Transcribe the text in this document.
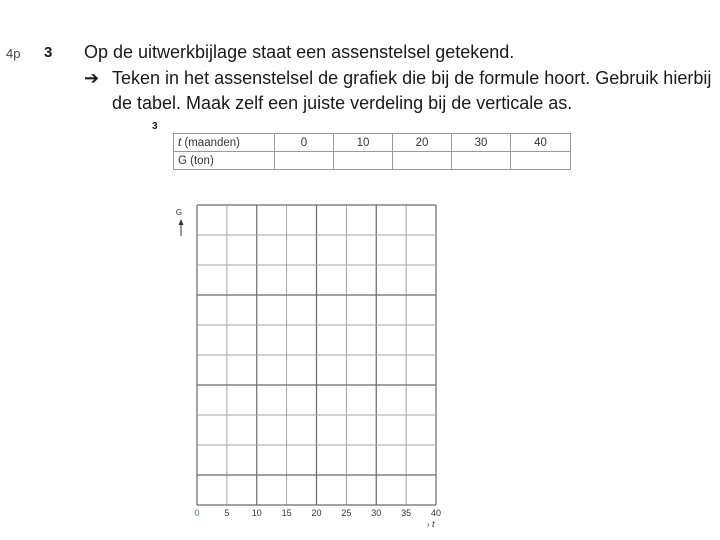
4p 3 Op de uitwerkbijlage staat een assenstelsel getekend.
➔ Teken in het assenstelsel de grafiek die bij de formule hoort. Gebruik hierbij de tabel. Maak zelf een juiste verdeling bij de verticale as.
3
t (maanden)	0	10	20	30	40
G (ton)					
G
› t
0	5 10 15 20 25 30 35 40
